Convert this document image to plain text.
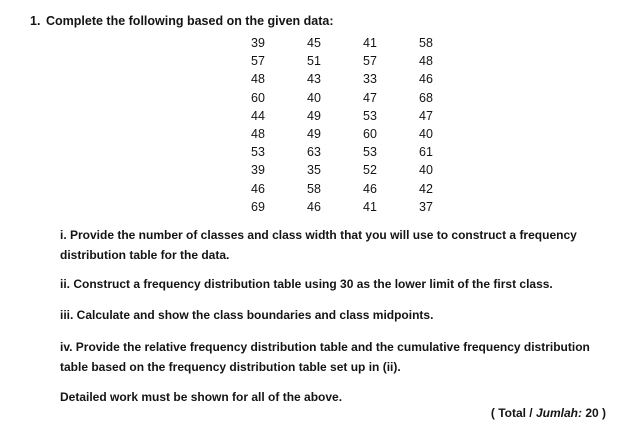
1. Complete the following based on the given data:
39	45	41	58
57	51	57	48
48	43	33	46
60	40	47	68
44	49	53	47
48	49	60	40
53	63	53	61
39	35	52	40
46	58	46	42
69	46	41	37
i. Provide the number of classes and class width that you will use to construct a frequency distribution table for the data.
ii. Construct a frequency distribution table using 30 as the lower limit of the first class.
iii. Calculate and show the class boundaries and class midpoints.
iv. Provide the relative frequency distribution table and the cumulative frequency distribution table based on the frequency distribution table set up in (ii).
Detailed work must be shown for all of the above.
( Total / Jumlah: 20 )
